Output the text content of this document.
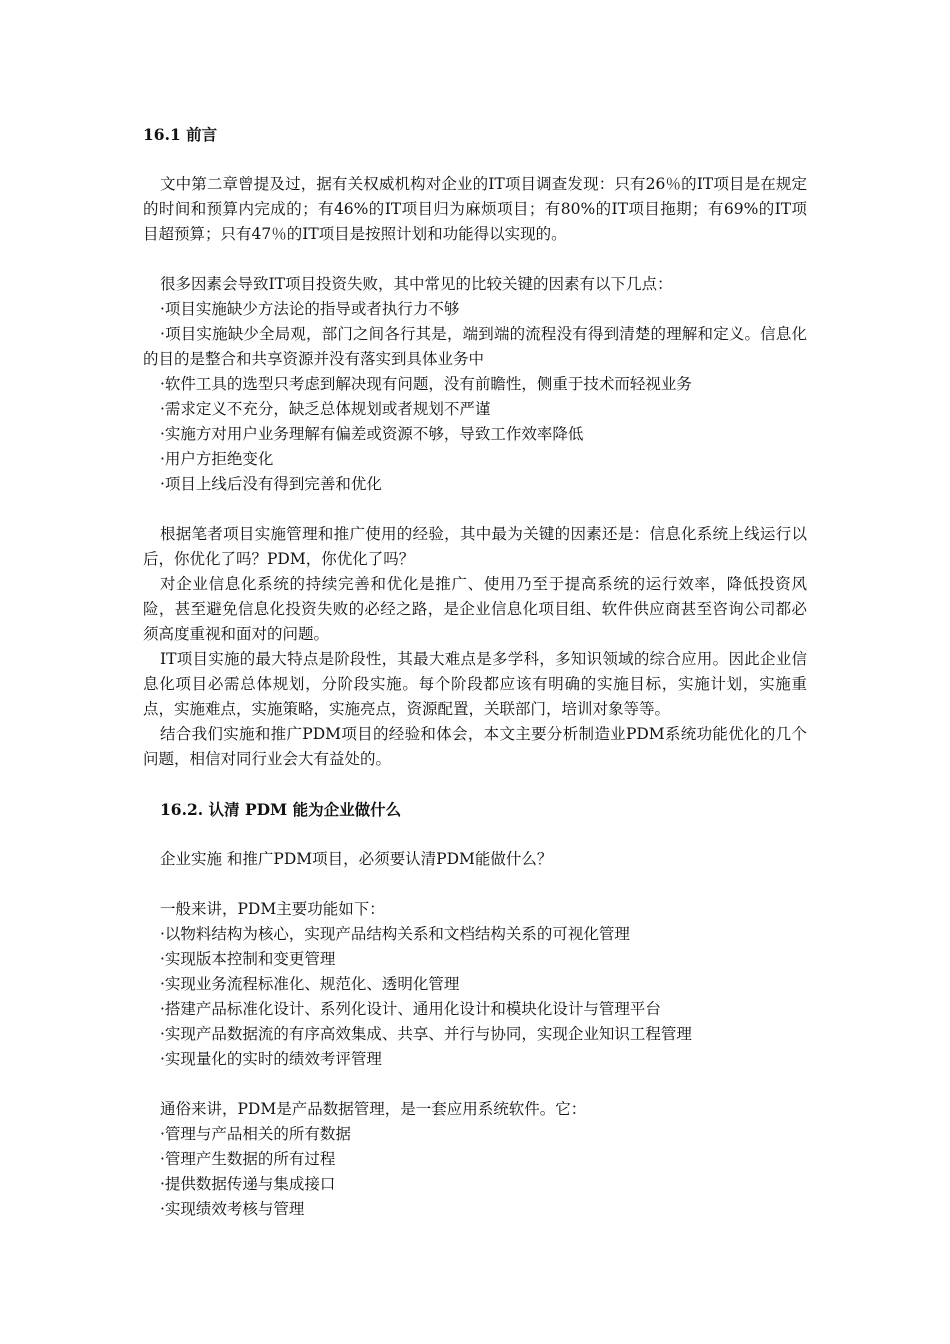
16.1 前言

文中第二章曾提及过，据有关权威机构对企业的IT项目调查发现：只有26％的IT项目是在规定的时间和预算内完成的；有46%的IT项目归为麻烦项目；有80%的IT项目拖期；有69%的IT项目超预算；只有47％的IT项目是按照计划和功能得以实现的。

很多因素会导致IT项目投资失败，其中常见的比较关键的因素有以下几点：

·项目实施缺少方法论的指导或者执行力不够

·项目实施缺少全局观，部门之间各行其是，端到端的流程没有得到清楚的理解和定义。信息化的目的是整合和共享资源并没有落实到具体业务中

·软件工具的选型只考虑到解决现有问题，没有前瞻性，侧重于技术而轻视业务

·需求定义不充分，缺乏总体规划或者规划不严谨

·实施方对用户业务理解有偏差或资源不够，导致工作效率降低

·用户方拒绝变化

·项目上线后没有得到完善和优化

根据笔者项目实施管理和推广使用的经验，其中最为关键的因素还是：信息化系统上线运行以后，你优化了吗？PDM，你优化了吗？

对企业信息化系统的持续完善和优化是推广、使用乃至于提高系统的运行效率，降低投资风险，甚至避免信息化投资失败的必经之路，是企业信息化项目组、软件供应商甚至咨询公司都必须高度重视和面对的问题。

IT项目实施的最大特点是阶段性，其最大难点是多学科，多知识领域的综合应用。因此企业信息化项目必需总体规划，分阶段实施。每个阶段都应该有明确的实施目标，实施计划，实施重点，实施难点，实施策略，实施亮点，资源配置，关联部门，培训对象等等。

结合我们实施和推广PDM项目的经验和体会，本文主要分析制造业PDM系统功能优化的几个问题，相信对同行业会大有益处的。

16.2. 认清 PDM 能为企业做什么

企业实施 和推广PDM项目，必须要认清PDM能做什么？

一般来讲，PDM主要功能如下：

·以物料结构为核心，实现产品结构关系和文档结构关系的可视化管理

·实现版本控制和变更管理

·实现业务流程标准化、规范化、透明化管理

·搭建产品标准化设计、系列化设计、通用化设计和模块化设计与管理平台

·实现产品数据流的有序高效集成、共享、并行与协同，实现企业知识工程管理

·实现量化的实时的绩效考评管理

通俗来讲，PDM是产品数据管理，是一套应用系统软件。它：

·管理与产品相关的所有数据

·管理产生数据的所有过程

·提供数据传递与集成接口

·实现绩效考核与管理
